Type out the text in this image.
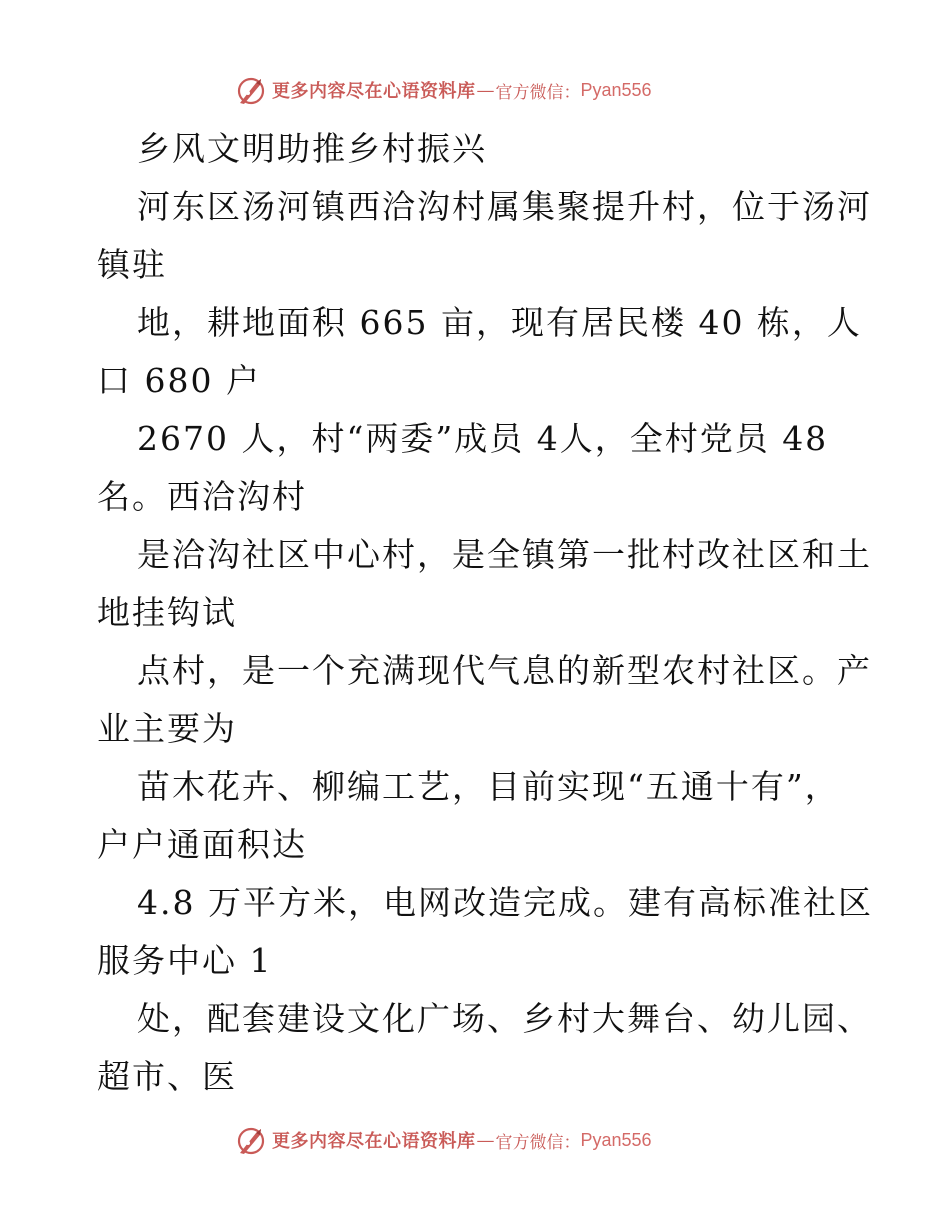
更多内容尽在心语资料库 — 官方微信： Pyan556
乡风文明助推乡村振兴
河东区汤河镇西洽沟村属集聚提升村，位于汤河
镇驻
地，耕地面积 665 亩，现有居民楼 40 栋，人
口 680 户
2670 人，村“两委”成员 4人，全村党员 48
名。西洽沟村
是洽沟社区中心村，是全镇第一批村改社区和土
地挂钩试
点村，是一个充满现代气息的新型农村社区。产
业主要为
苗木花卉、柳编工艺，目前实现“五通十有”，
户户通面积达
4.8 万平方米，电网改造完成。建有高标准社区
服务中心 1
处，配套建设文化广场、乡村大舞台、幼儿园、
超市、医
更多内容尽在心语资料库 — 官方微信： Pyan556
